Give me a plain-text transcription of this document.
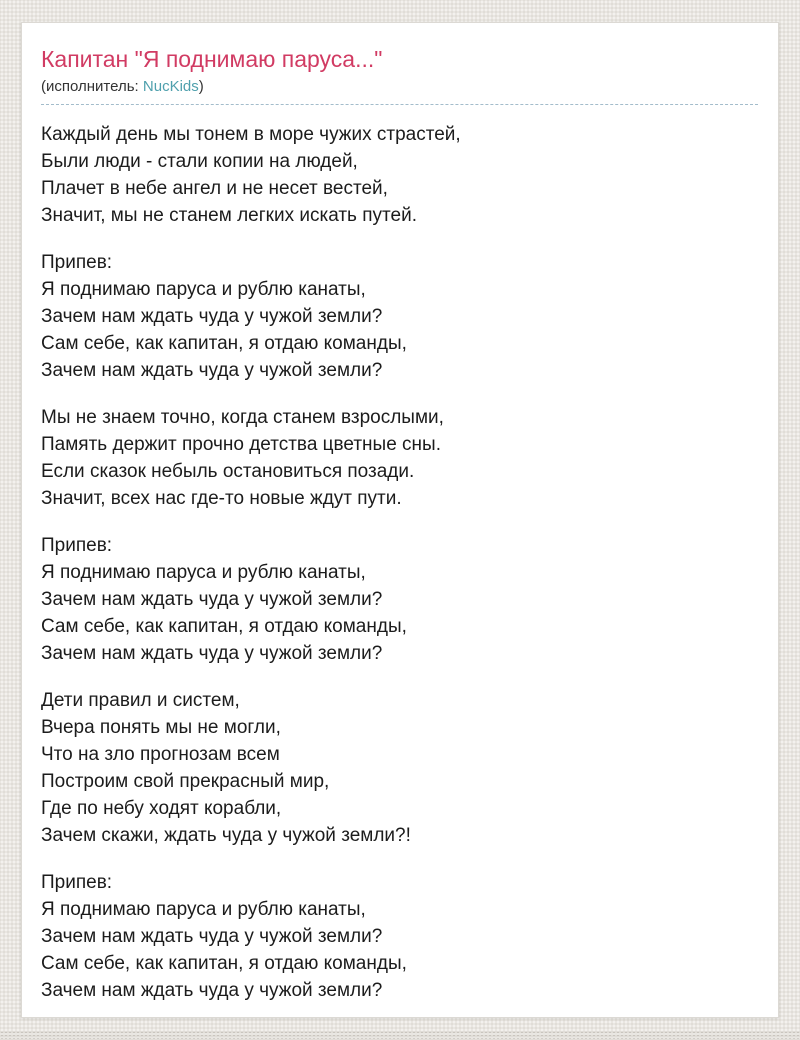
Капитан "Я поднимаю паруса..."
(исполнитель: NucKids)

Каждый день мы тонем в море чужих страстей,
Были люди - стали копии на людей,
Плачет в небе ангел и не несет вестей,
Значит, мы не станем легких искать путей.

Припев:
Я поднимаю паруса и рублю канаты,
Зачем нам ждать чуда у чужой земли?
Сам себе, как капитан, я отдаю команды,
Зачем нам ждать чуда у чужой земли?

Мы не знаем точно, когда станем взрослыми,
Память держит прочно детства цветные сны.
Если сказок небыль остановиться позади.
Значит, всех нас где-то новые ждут пути.

Припев:
Я поднимаю паруса и рублю канаты,
Зачем нам ждать чуда у чужой земли?
Сам себе, как капитан, я отдаю команды,
Зачем нам ждать чуда у чужой земли?

Дети правил и систем,
Вчера понять мы не могли,
Что на зло прогнозам всем
Построим свой прекрасный мир,
Где по небу ходят корабли,
Зачем скажи, ждать чуда у чужой земли?!

Припев:
Я поднимаю паруса и рублю канаты,
Зачем нам ждать чуда у чужой земли?
Сам себе, как капитан, я отдаю команды,
Зачем нам ждать чуда у чужой земли?
